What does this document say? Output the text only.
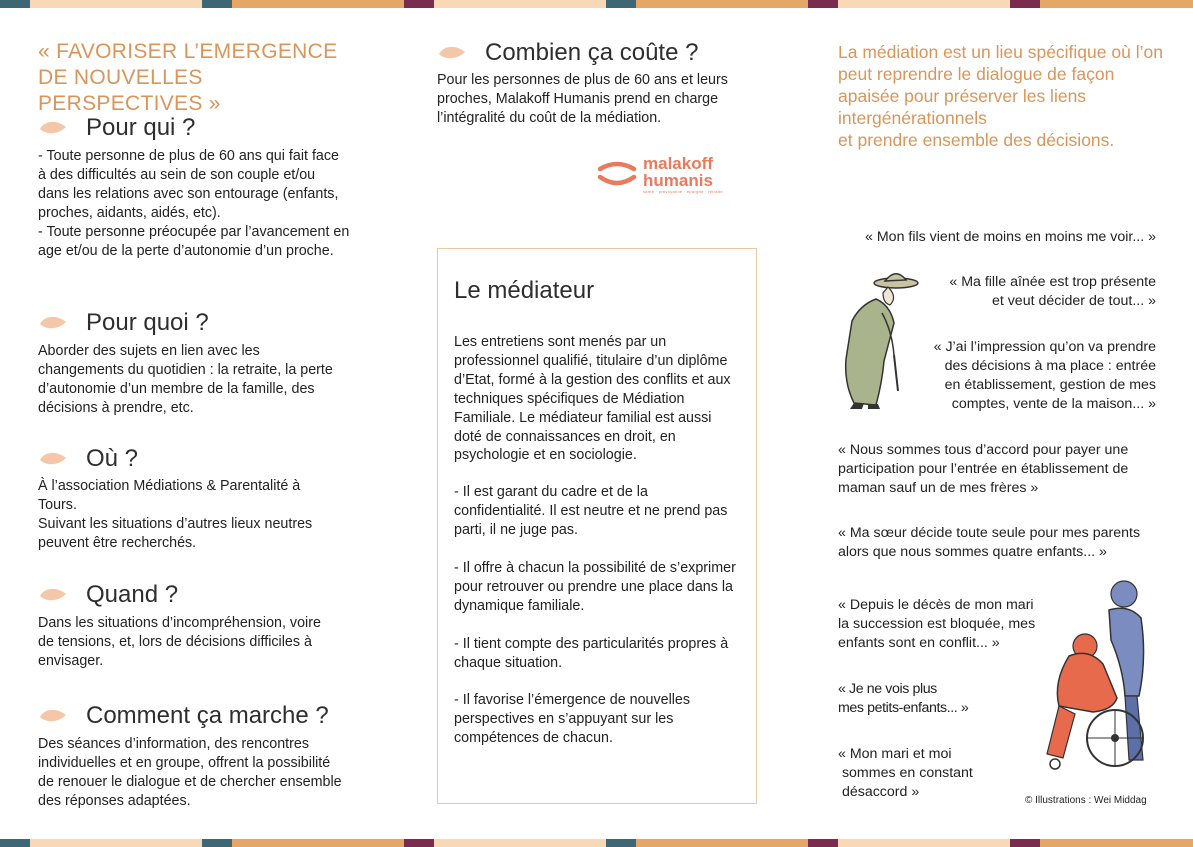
« FAVORISER L’EMERGENCE DE NOUVELLES PERSPECTIVES »
Pour qui ?
- Toute personne de plus de 60 ans qui fait face à des difficultés au sein de son couple et/ou dans les relations avec son entourage (enfants, proches, aidants, aidés, etc).
- Toute personne préocupée par l’avancement en age et/ou de la perte d’autonomie d’un proche.
Pour quoi ?
Aborder des sujets en lien avec les changements du quotidien : la retraite, la perte d’autonomie d’un membre de la famille, des décisions à prendre, etc.
Où ?
À l’association Médiations & Parentalité à Tours.
Suivant les situations d’autres lieux neutres peuvent être recherchés.
Quand ?
Dans les situations d’incompréhension, voire de tensions, et, lors de décisions difficiles à envisager.
Comment ça marche ?
Des séances d’information, des rencontres individuelles et en groupe, offrent la possibilité de renouer le dialogue et de chercher ensemble des réponses adaptées.
Combien ça coûte ?
Pour les personnes de plus de 60 ans et leurs proches, Malakoff Humanis prend en charge l’intégralité du coût de la médiation.
malakoff
humanis
santé · prévoyance · épargne · retraite
Le médiateur
Les entretiens sont menés par un professionnel qualifié, titulaire d’un diplôme d’Etat, formé à la gestion des conflits et aux techniques spécifiques de Médiation Familiale. Le médiateur familial est aussi doté de connaissances en droit, en psychologie et en sociologie.
- Il est garant du cadre et de la confidentialité. Il est neutre et ne prend pas parti, il ne juge pas.
- Il offre à chacun la possibilité de s’exprimer pour retrouver ou prendre une place dans la dynamique familiale.
- Il tient compte des particularités propres à chaque situation.
- Il favorise l’émergence de nouvelles perspectives en s’appuyant sur les compétences de chacun.
La médiation est un lieu spécifique où l’on peut reprendre le dialogue de façon apaisée pour préserver les liens intergénérationnels
et prendre ensemble des décisions.
« Mon fils vient de moins en moins me voir... »
« Ma fille aînée est trop présente
et veut décider de tout... »
« J’ai l’impression qu’on va prendre
des décisions à ma place : entrée
en établissement, gestion de mes
comptes, vente de la maison... »
« Nous sommes tous d’accord pour payer une participation pour l’entrée en établissement de maman sauf un de mes frères »
« Ma sœur décide toute seule pour mes parents alors que nous sommes quatre enfants... »
« Depuis le décès de mon mari
la succession est bloquée, mes
enfants sont en conflit... »
« Je ne vois plus
mes petits-enfants... »
« Mon mari et moi
sommes en constant
désaccord »
© Illustrations : Wei Middag
